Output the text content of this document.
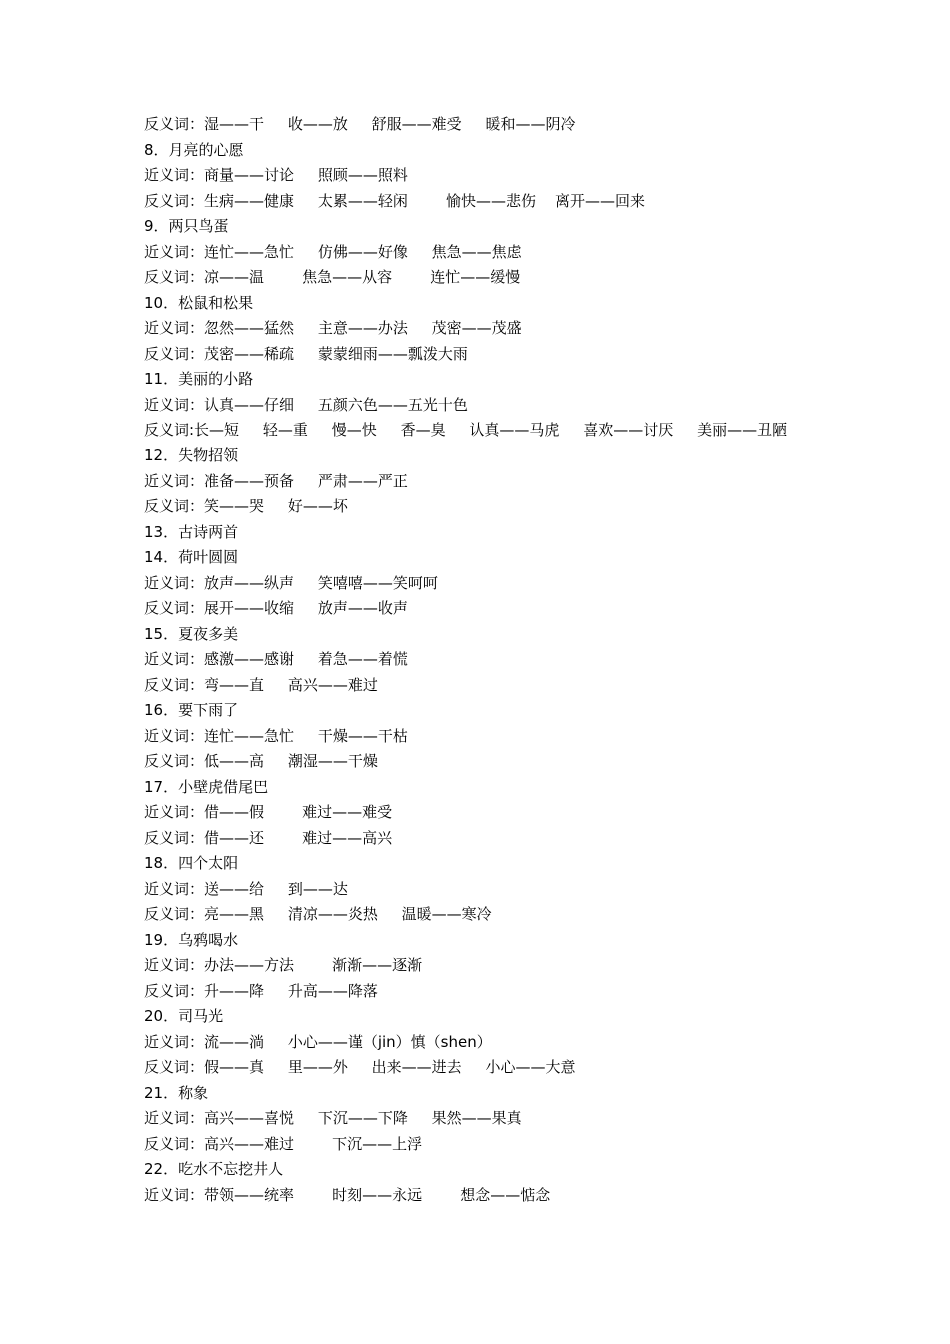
反义词：湿——干     收——放     舒服——难受     暖和——阴冷
8．月亮的心愿
近义词：商量——讨论     照顾——照料
反义词：生病——健康     太累——轻闲        愉快——悲伤    离开——回来
9．两只鸟蛋
近义词：连忙——急忙     仿佛——好像     焦急——焦虑
反义词：凉——温        焦急——从容        连忙——缓慢
10．松鼠和松果
近义词：忽然——猛然     主意——办法     茂密——茂盛
反义词：茂密——稀疏     蒙蒙细雨——瓢泼大雨
11．美丽的小路
近义词：认真——仔细     五颜六色——五光十色
反义词:长—短     轻—重     慢—快     香—臭     认真——马虎     喜欢——讨厌     美丽——丑陋
12．失物招领
近义词：准备——预备     严肃——严正
反义词：笑——哭     好——坏
13．古诗两首
14．荷叶圆圆
近义词：放声——纵声     笑嘻嘻——笑呵呵
反义词：展开——收缩     放声——收声
15．夏夜多美
近义词：感激——感谢     着急——着慌
反义词：弯——直     高兴——难过
16．要下雨了
近义词：连忙——急忙     干燥——干枯
反义词：低——高     潮湿——干燥
17．小壁虎借尾巴
近义词：借——假        难过——难受
反义词：借——还        难过——高兴
18．四个太阳
近义词：送——给     到——达
反义词：亮——黑     清凉——炎热     温暖——寒冷
19．乌鸦喝水
近义词：办法——方法        渐渐——逐渐
反义词：升——降     升高——降落
20．司马光
近义词：流——淌     小心——谨（jin）慎（shen）
反义词：假——真     里——外     出来——进去     小心——大意
21．称象
近义词：高兴——喜悦     下沉——下降     果然——果真
反义词：高兴——难过        下沉——上浮
22．吃水不忘挖井人
近义词：带领——统率        时刻——永远        想念——惦念
